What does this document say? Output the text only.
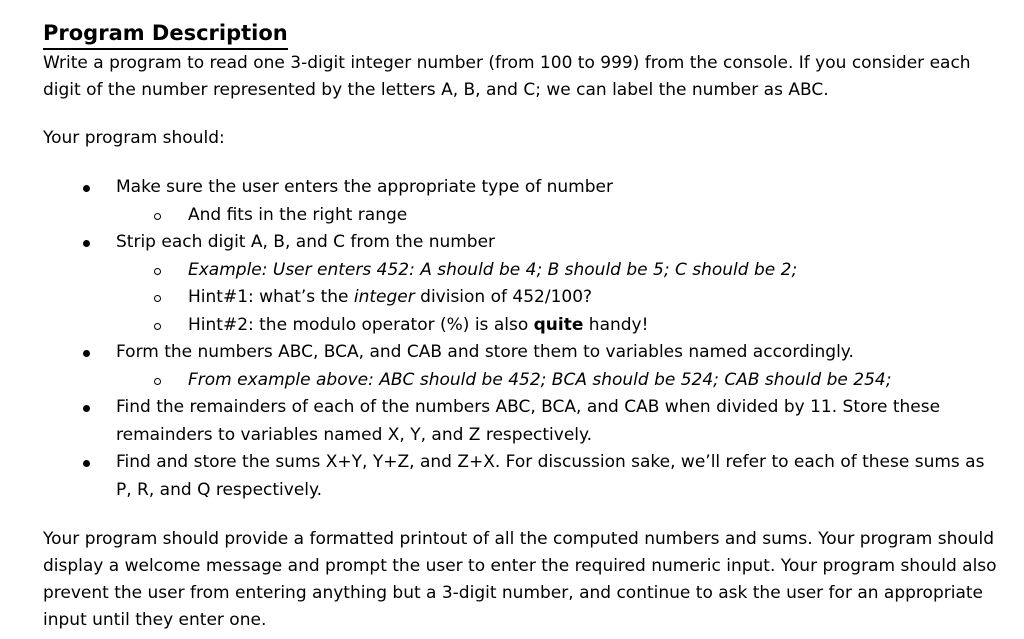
Program Description

Write a program to read one 3-digit integer number (from 100 to 999) from the console. If you consider each digit of the number represented by the letters A, B, and C; we can label the number as ABC.

Your program should:

Make sure the user enters the appropriate type of number
And fits in the right range
Strip each digit A, B, and C from the number
Example: User enters 452: A should be 4; B should be 5; C should be 2;
Hint#1: what’s the integer division of 452/100?
Hint#2: the modulo operator (%) is also quite handy!
Form the numbers ABC, BCA, and CAB and store them to variables named accordingly.
From example above: ABC should be 452; BCA should be 524; CAB should be 254;
Find the remainders of each of the numbers ABC, BCA, and CAB when divided by 11. Store these remainders to variables named X, Y, and Z respectively.
Find and store the sums X+Y, Y+Z, and Z+X. For discussion sake, we’ll refer to each of these sums as P, R, and Q respectively.

Your program should provide a formatted printout of all the computed numbers and sums. Your program should display a welcome message and prompt the user to enter the required numeric input. Your program should also prevent the user from entering anything but a 3-digit number, and continue to ask the user for an appropriate input until they enter one.
